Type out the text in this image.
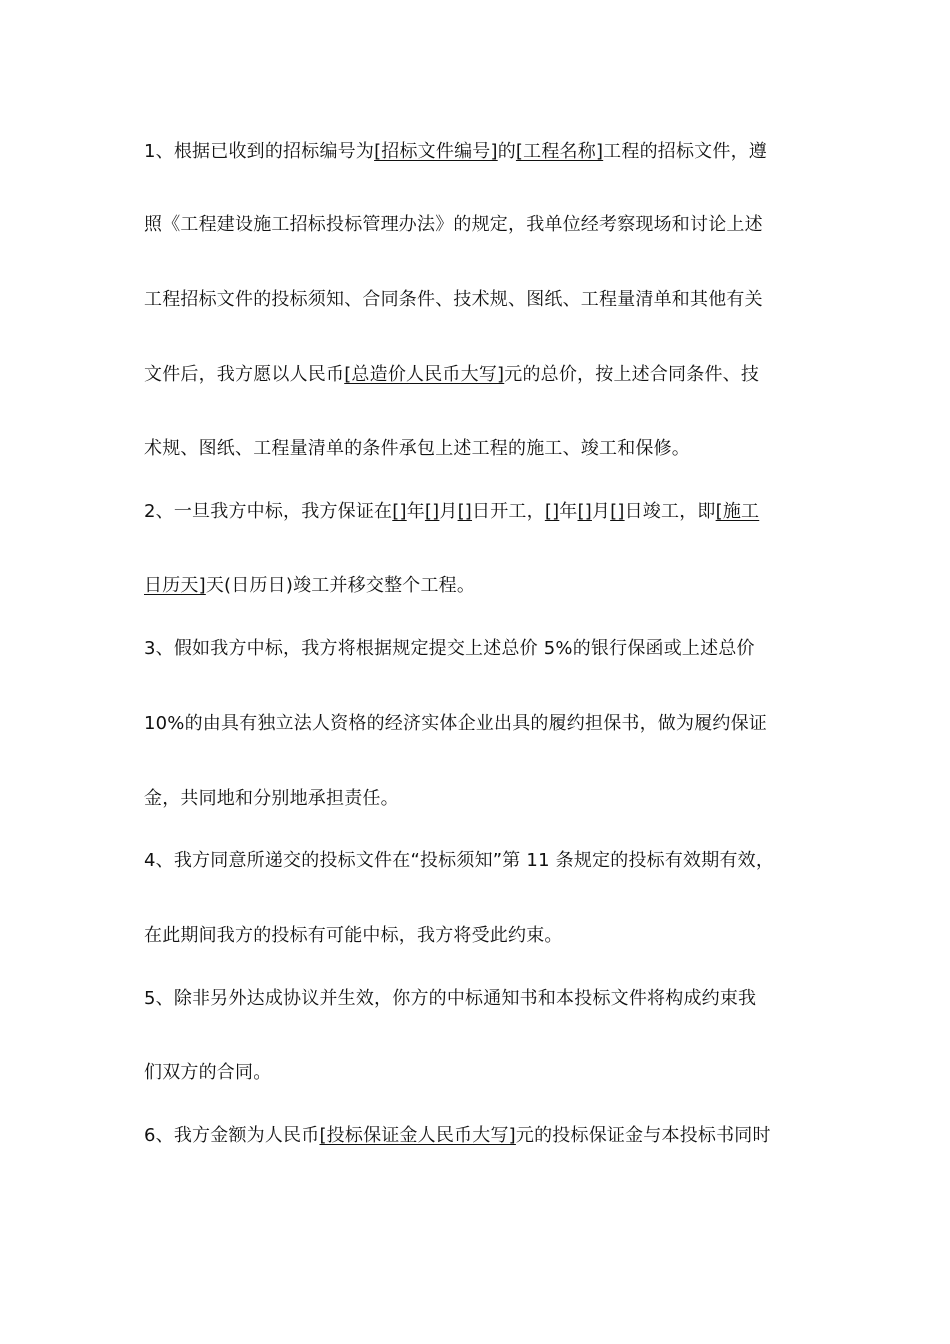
1、根据已收到的招标编号为[招标文件编号]的[工程名称]工程的招标文件，遵
照《工程建设施工招标投标管理办法》的规定，我单位经考察现场和讨论上述
工程招标文件的投标须知、合同条件、技术规、图纸、工程量清单和其他有关
文件后，我方愿以人民币[总造价人民币大写]元的总价，按上述合同条件、技
术规、图纸、工程量清单的条件承包上述工程的施工、竣工和保修。
2、一旦我方中标，我方保证在[]年[]月[]日开工，[]年[]月[]日竣工，即[施工
日历天]天(日历日)竣工并移交整个工程。
3、假如我方中标，我方将根据规定提交上述总价 5%的银行保函或上述总价
10%的由具有独立法人资格的经济实体企业出具的履约担保书，做为履约保证
金，共同地和分别地承担责任。
4、我方同意所递交的投标文件在“投标须知”第 11 条规定的投标有效期有效，
在此期间我方的投标有可能中标，我方将受此约束。
5、除非另外达成协议并生效，你方的中标通知书和本投标文件将构成约束我
们双方的合同。
6、我方金额为人民币[投标保证金人民币大写]元的投标保证金与本投标书同时
